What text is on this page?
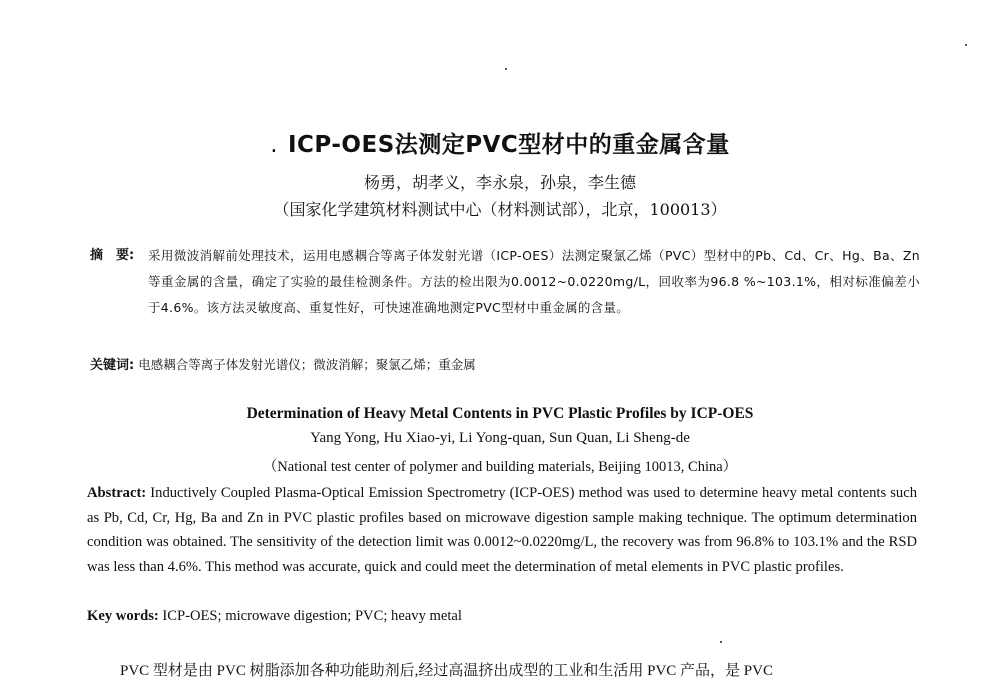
. ICP-OES法测定PVC型材中的重金属含量
杨勇，胡孝义，李永泉，孙泉，李生德
（国家化学建筑材料测试中心（材料测试部），北京，100013）
摘　要: 采用微波消解前处理技术，运用电感耦合等离子体发射光谱（ICP-OES）法测定聚氯乙烯（PVC）型材中的Pb、Cd、Cr、Hg、Ba、Zn等重金属的含量，确定了实验的最佳检测条件。方法的检出限为0.0012~0.0220mg/L，回收率为96.8 %~103.1%，相对标准偏差小于4.6%。该方法灵敏度高、重复性好，可快速准确地测定PVC型材中重金属的含量。
关键词: 电感耦合等离子体发射光谱仪；微波消解；聚氯乙烯；重金属
Determination of Heavy Metal Contents in PVC Plastic Profiles by ICP-OES
Yang Yong, Hu Xiao-yi, Li Yong-quan, Sun Quan, Li Sheng-de
（National test center of polymer and building materials, Beijing 10013, China）
Abstract: Inductively Coupled Plasma-Optical Emission Spectrometry (ICP-OES) method was used to determine heavy metal contents such as Pb, Cd, Cr, Hg, Ba and Zn in PVC plastic profiles based on microwave digestion sample making technique. The optimum determination condition was obtained. The sensitivity of the detection limit was 0.0012~0.0220mg/L, the recovery was from 96.8% to 103.1% and the RSD was less than 4.6%. This method was accurate, quick and could meet the determination of metal elements in PVC plastic profiles.
Key words: ICP-OES; microwave digestion; PVC; heavy metal
PVC 型材是由 PVC 树脂添加各种功能助剂后,经过高温挤出成型的工业和生活用 PVC 产品，是 PVC
